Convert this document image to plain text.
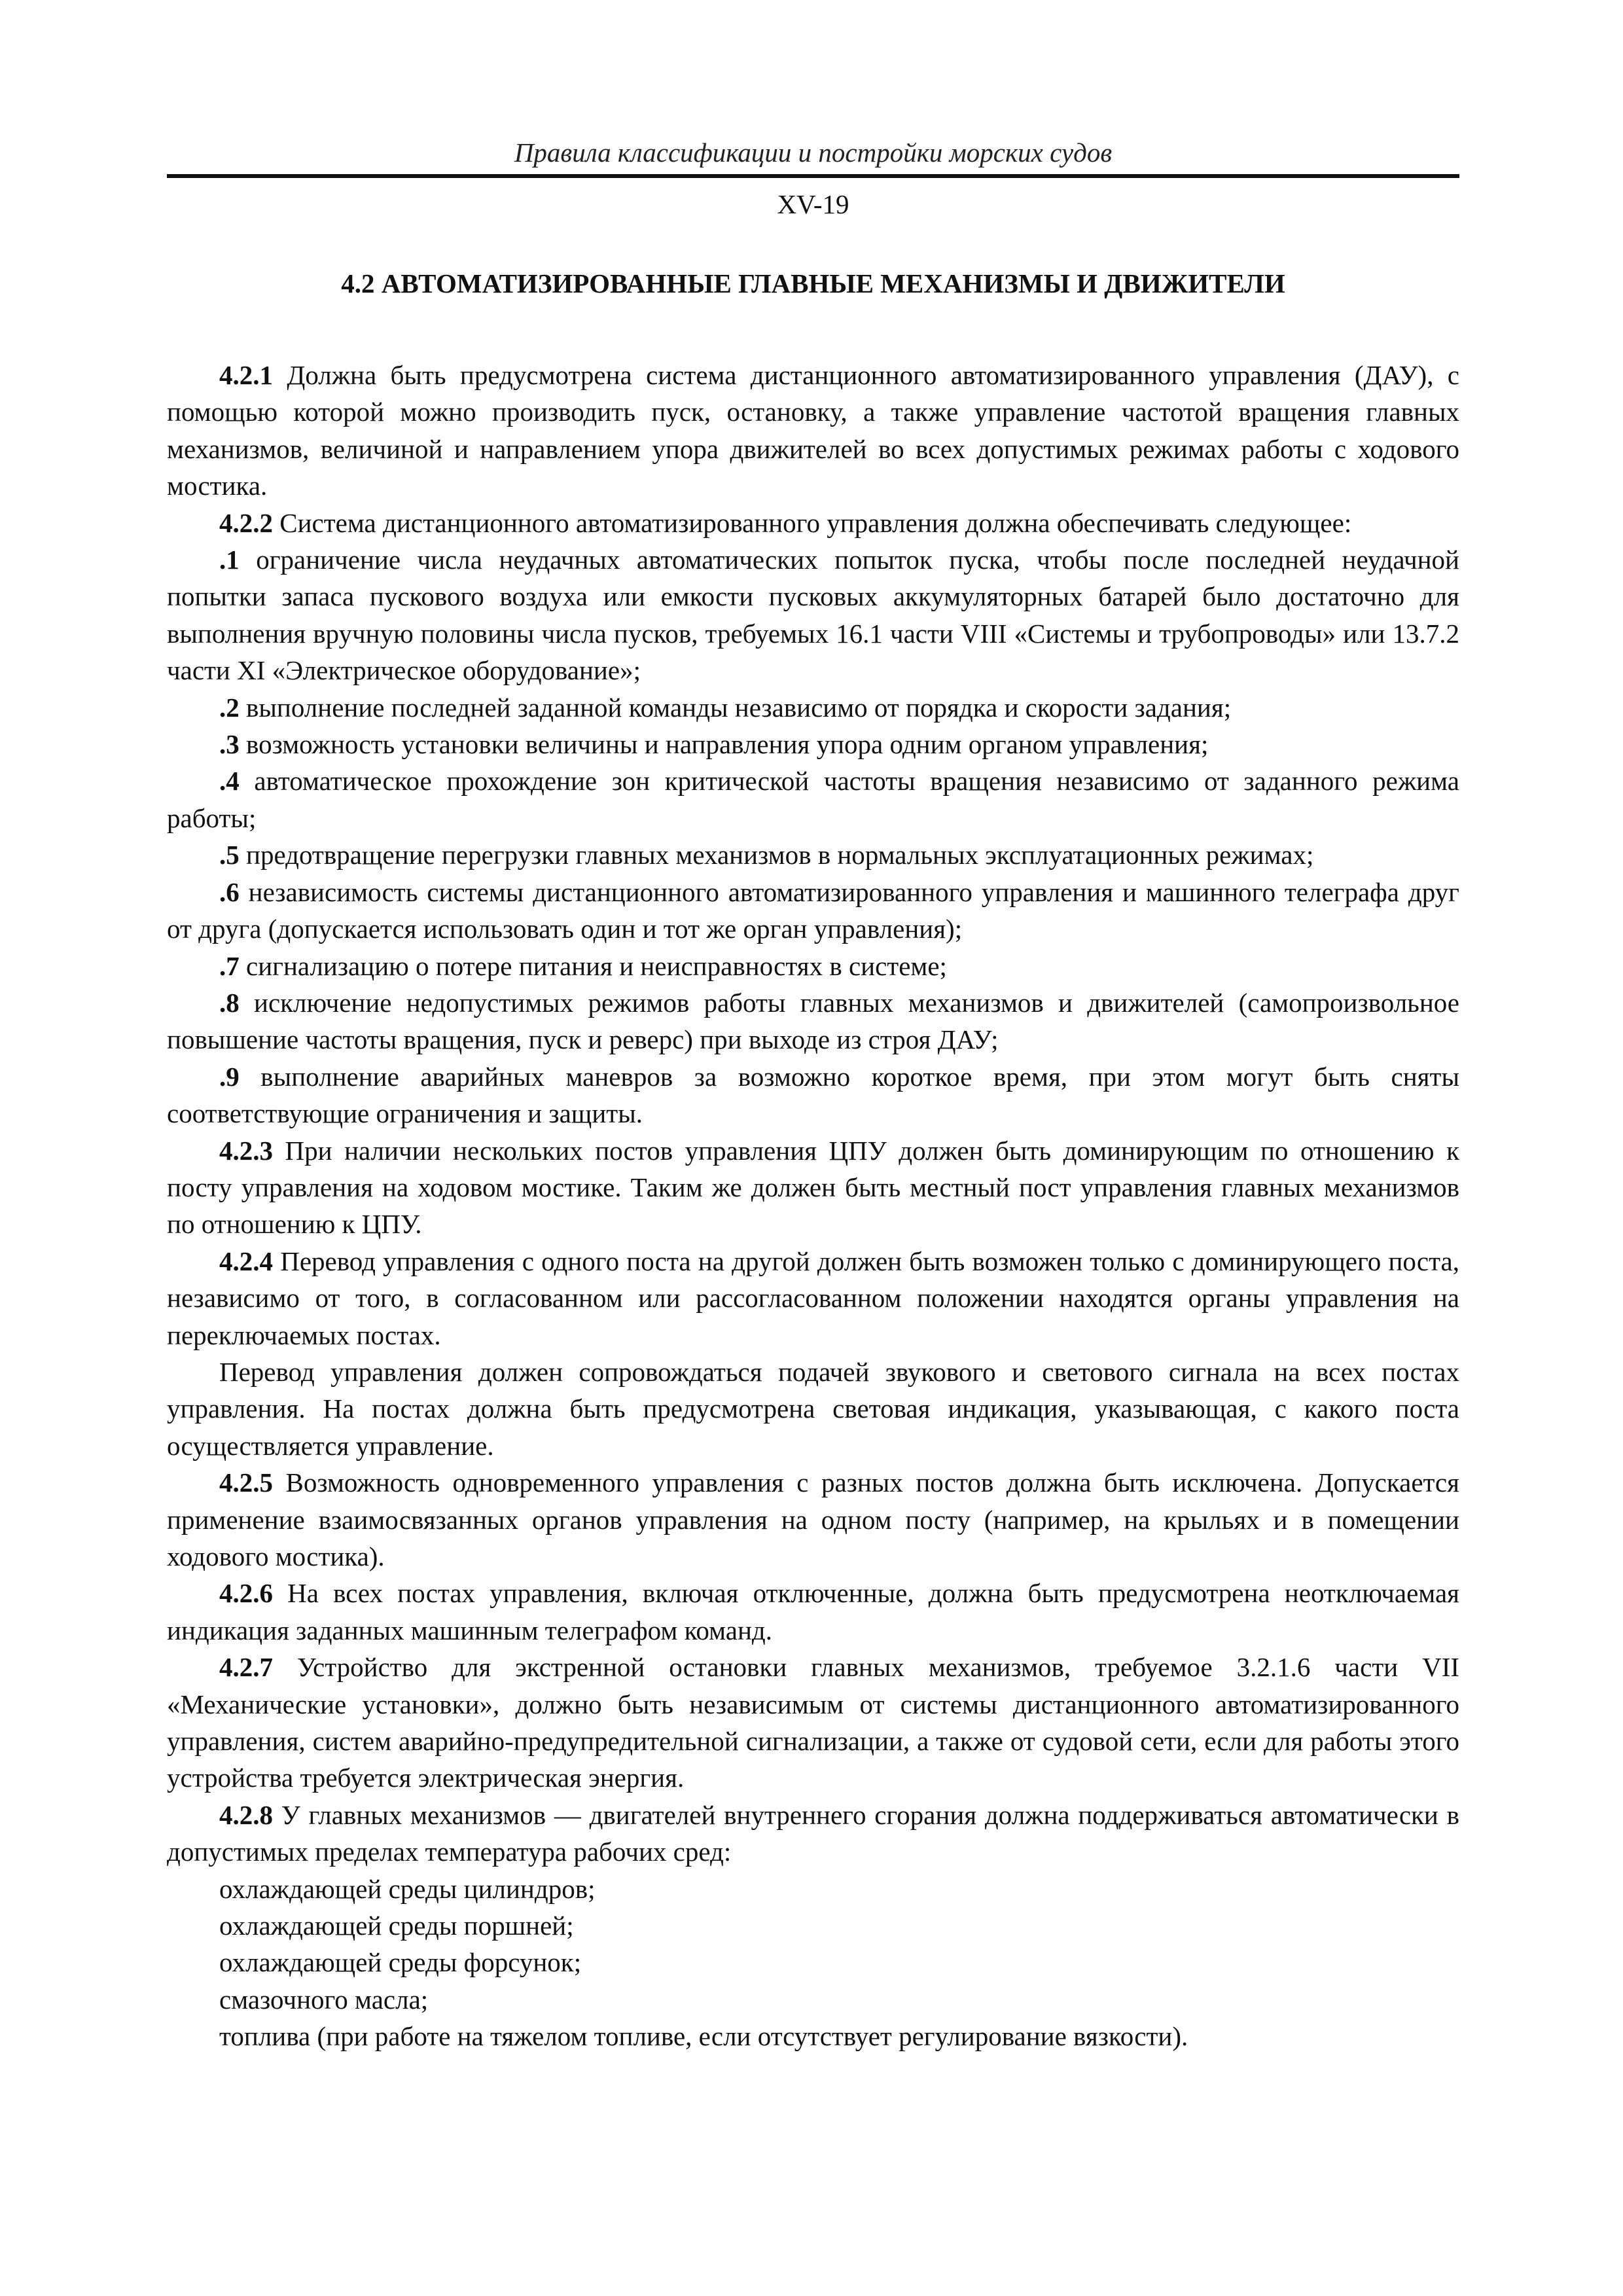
Правила классификации и постройки морских судов
XV-19
4.2 АВТОМАТИЗИРОВАННЫЕ ГЛАВНЫЕ МЕХАНИЗМЫ И ДВИЖИТЕЛИ

4.2.1 Должна быть предусмотрена система дистанционного автоматизированного управления (ДАУ), с помощью которой можно производить пуск, остановку, а также управление частотой вращения главных механизмов, величиной и направлением упора движителей во всех допустимых режимах работы с ходового мостика.

4.2.2 Система дистанционного автоматизированного управления должна обеспечивать следующее:

.1 ограничение числа неудачных автоматических попыток пуска, чтобы после последней неудачной попытки запаса пускового воздуха или емкости пусковых аккумуляторных батарей было достаточно для выполнения вручную половины числа пусков, требуемых 16.1 части VIII «Системы и трубопроводы» или 13.7.2 части XI «Электрическое оборудование»;

.2 выполнение последней заданной команды независимо от порядка и скорости задания;

.3 возможность установки величины и направления упора одним органом управления;

.4 автоматическое прохождение зон критической частоты вращения независимо от заданного режима работы;

.5 предотвращение перегрузки главных механизмов в нормальных эксплуатационных режимах;

.6 независимость системы дистанционного автоматизированного управления и машинного телеграфа друг от друга (допускается использовать один и тот же орган управления);

.7 сигнализацию о потере питания и неисправностях в системе;

.8 исключение недопустимых режимов работы главных механизмов и движителей (самопроизвольное повышение частоты вращения, пуск и реверс) при выходе из строя ДАУ;

.9 выполнение аварийных маневров за возможно короткое время, при этом могут быть сняты соответствующие ограничения и защиты.

4.2.3 При наличии нескольких постов управления ЦПУ должен быть доминирующим по отношению к посту управления на ходовом мостике. Таким же должен быть местный пост управления главных механизмов по отношению к ЦПУ.

4.2.4 Перевод управления с одного поста на другой должен быть возможен только с доминирующего поста, независимо от того, в согласованном или рассогласованном положении находятся органы управления на переключаемых постах.

Перевод управления должен сопровождаться подачей звукового и светового сигнала на всех постах управления. На постах должна быть предусмотрена световая индикация, указывающая, с какого поста осуществляется управление.

4.2.5 Возможность одновременного управления с разных постов должна быть исключена. Допускается применение взаимосвязанных органов управления на одном посту (например, на крыльях и в помещении ходового мостика).

4.2.6 На всех постах управления, включая отключенные, должна быть предусмотрена неотключаемая индикация заданных машинным телеграфом команд.

4.2.7 Устройство для экстренной остановки главных механизмов, требуемое 3.2.1.6 части VII «Механические установки», должно быть независимым от системы дистанционного автоматизированного управления, систем аварийно-предупредительной сигнализации, а также от судовой сети, если для работы этого устройства требуется электрическая энергия.

4.2.8 У главных механизмов — двигателей внутреннего сгорания должна поддерживаться автоматически в допустимых пределах температура рабочих сред:

охлаждающей среды цилиндров;

охлаждающей среды поршней;

охлаждающей среды форсунок;

смазочного масла;

топлива (при работе на тяжелом топливе, если отсутствует регулирование вязкости).
